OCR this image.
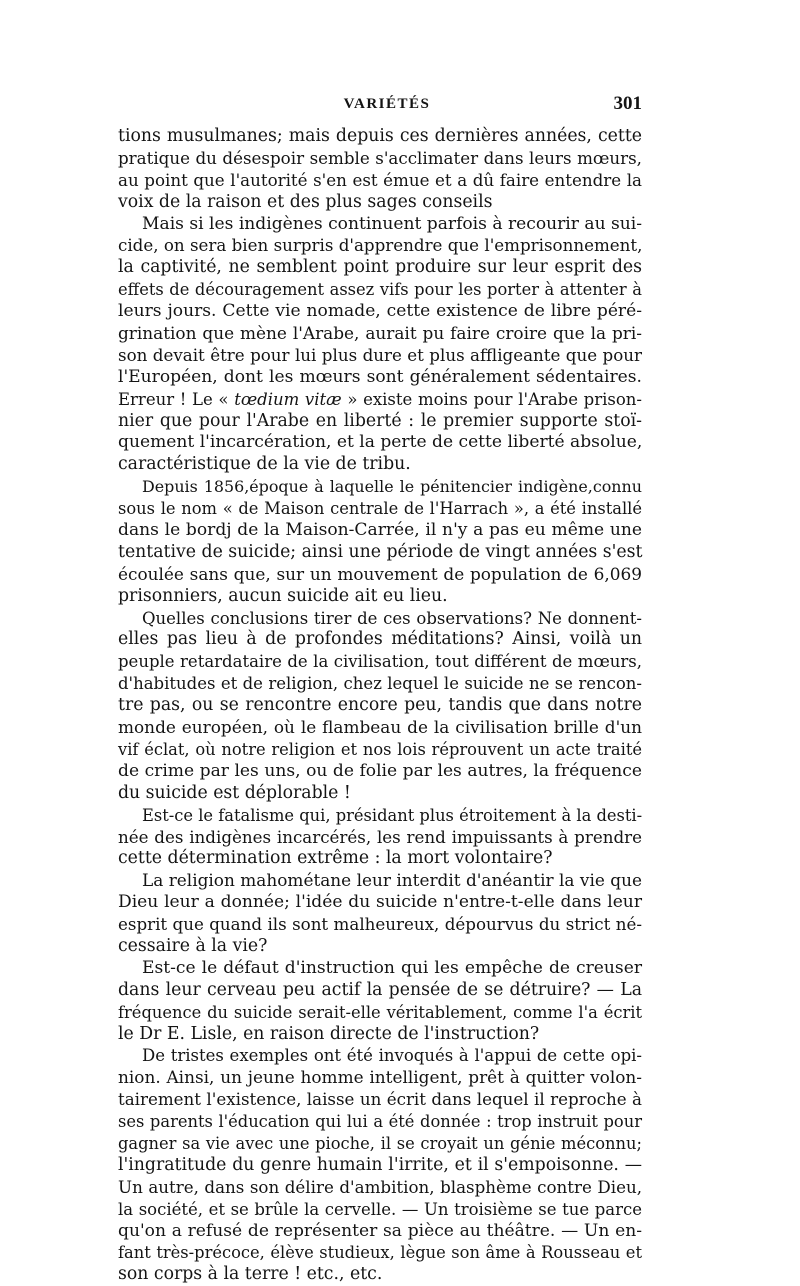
VARIÉTÉS	301
tions musulmanes; mais depuis ces dernières années, cette
pratique du désespoir semble s'acclimater dans leurs mœurs,
au point que l'autorité s'en est émue et a dû faire entendre la
voix de la raison et des plus sages conseils
Mais si les indigènes continuent parfois à recourir au sui-
cide, on sera bien surpris d'apprendre que l'emprisonnement,
la captivité, ne semblent point produire sur leur esprit des
effets de découragement assez vifs pour les porter à attenter à
leurs jours. Cette vie nomade, cette existence de libre péré-
grination que mène l'Arabe, aurait pu faire croire que la pri-
son devait être pour lui plus dure et plus affligeante que pour
l'Européen, dont les mœurs sont généralement sédentaires.
Erreur ! Le « tœdium vitæ » existe moins pour l'Arabe prison-
nier que pour l'Arabe en liberté : le premier supporte stoï-
quement l'incarcération, et la perte de cette liberté absolue,
caractéristique de la vie de tribu.
Depuis 1856,époque à laquelle le pénitencier indigène,connu
sous le nom « de Maison centrale de l'Harrach », a été installé
dans le bordj de la Maison-Carrée, il n'y a pas eu même une
tentative de suicide; ainsi une période de vingt années s'est
écoulée sans que, sur un mouvement de population de 6,069
prisonniers, aucun suicide ait eu lieu.
Quelles conclusions tirer de ces observations? Ne donnent-
elles pas lieu à de profondes méditations? Ainsi, voilà un
peuple retardataire de la civilisation, tout différent de mœurs,
d'habitudes et de religion, chez lequel le suicide ne se rencon-
tre pas, ou se rencontre encore peu, tandis que dans notre
monde européen, où le flambeau de la civilisation brille d'un
vif éclat, où notre religion et nos lois réprouvent un acte traité
de crime par les uns, ou de folie par les autres, la fréquence
du suicide est déplorable !
Est-ce le fatalisme qui, présidant plus étroitement à la desti-
née des indigènes incarcérés, les rend impuissants à prendre
cette détermination extrême : la mort volontaire?
La religion mahométane leur interdit d'anéantir la vie que
Dieu leur a donnée; l'idée du suicide n'entre-t-elle dans leur
esprit que quand ils sont malheureux, dépourvus du strict né-
cessaire à la vie?
Est-ce le défaut d'instruction qui les empêche de creuser
dans leur cerveau peu actif la pensée de se détruire? — La
fréquence du suicide serait-elle véritablement, comme l'a écrit
le Dr E. Lisle, en raison directe de l'instruction?
De tristes exemples ont été invoqués à l'appui de cette opi-
nion. Ainsi, un jeune homme intelligent, prêt à quitter volon-
tairement l'existence, laisse un écrit dans lequel il reproche à
ses parents l'éducation qui lui a été donnée : trop instruit pour
gagner sa vie avec une pioche, il se croyait un génie méconnu;
l'ingratitude du genre humain l'irrite, et il s'empoisonne. —
Un autre, dans son délire d'ambition, blasphème contre Dieu,
la société, et se brûle la cervelle. — Un troisième se tue parce
qu'on a refusé de représenter sa pièce au théâtre. — Un en-
fant très-précoce, élève studieux, lègue son âme à Rousseau et
son corps à la terre ! etc., etc.
